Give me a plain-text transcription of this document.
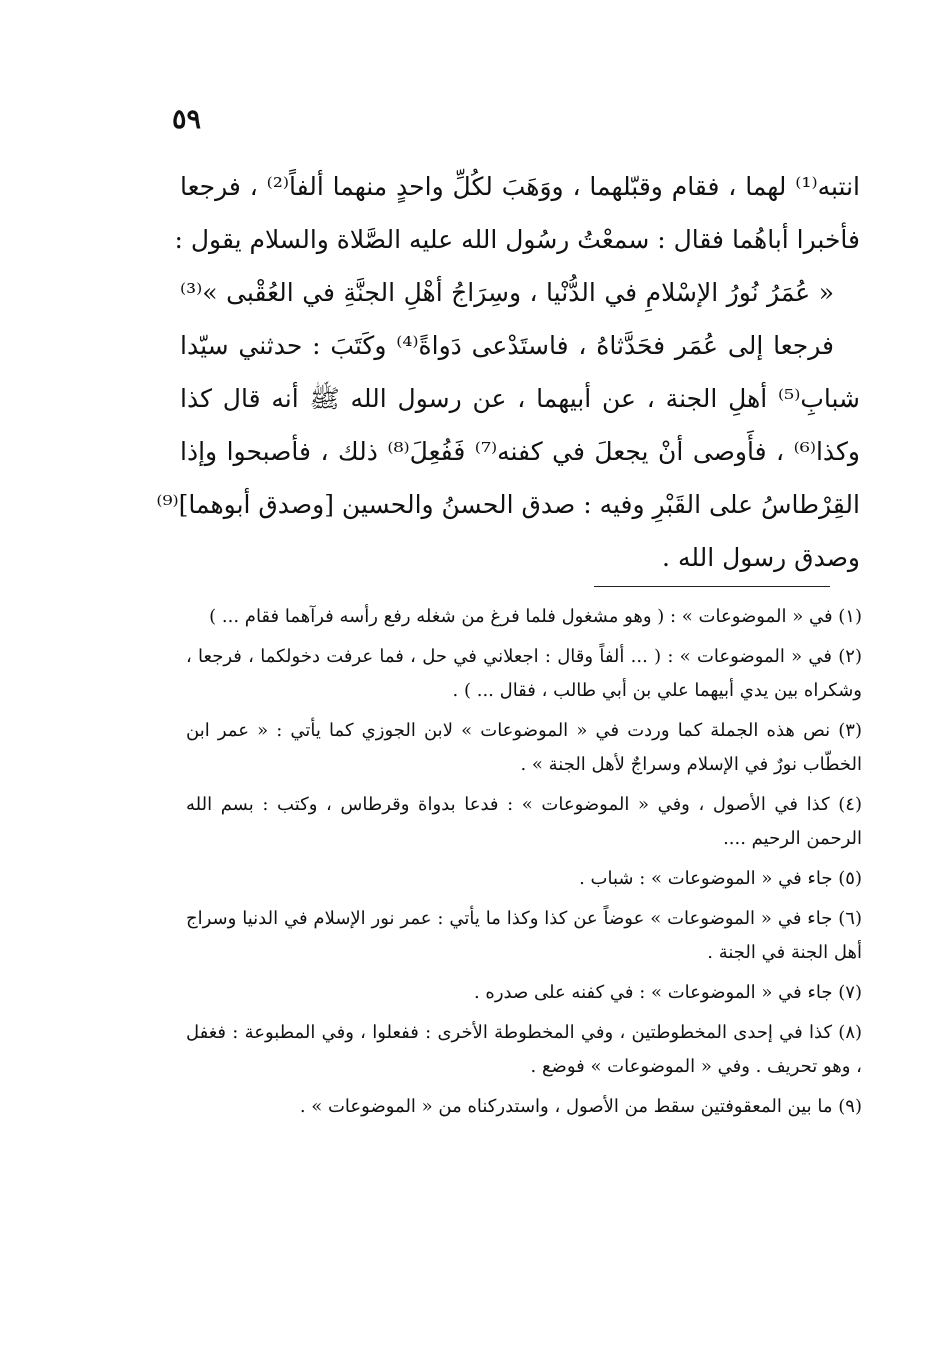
٥٩
انتبه⁽¹⁾ لهما ، فقام وقبّلهما ، ووَهَبَ لكُلِّ واحدٍ منهما ألفاً⁽²⁾ ، فرجعا
فأخبرا أباهُما فقال : سمعْتُ رسُول الله عليه الصَّلاة والسلام يقول :
« عُمَرُ نُورُ الإسْلامِ في الدُّنْيا ، وسِرَاجُ أهْلِ الجنَّةِ في العُقْبى »⁽³⁾
فرجعا إلى عُمَر فحَدَّثاهُ ، فاستَدْعى دَواةً⁽⁴⁾ وكَتَبَ : حدثني سيّدا
شبابِ⁽⁵⁾ أهلِ الجنة ، عن أبيهما ، عن رسول الله ﷺ أنه قال كذا
وكذا⁽⁶⁾ ، فأَوصى أنْ يجعلَ في كفنه⁽⁷⁾ فَفُعِلَ⁽⁸⁾ ذلك ، فأصبحوا وإذا
القِرْطاسُ على القَبْرِ وفيه : صدق الحسنُ والحسين [وصدق أبوهما]⁽⁹⁾
وصدق رسول الله .
(١) في « الموضوعات » : ( وهو مشغول فلما فرغ من شغله رفع رأسه فرآهما فقام ... )
(٢) في « الموضوعات » : ( ... ألفاً وقال : اجعلاني في حل ، فما عرفت دخولكما ، فرجعا ، وشكراه بين يدي أبيهما علي بن أبي طالب ، فقال ... ) .
(٣) نص هذه الجملة كما وردت في « الموضوعات » لابن الجوزي كما يأتي : « عمر ابن الخطّاب نورٌ في الإسلام وسراجٌ لأهل الجنة » .
(٤) كذا في الأصول ، وفي « الموضوعات » : فدعا بدواة وقرطاس ، وكتب : بسم الله الرحمن الرحيم ....
(٥) جاء في « الموضوعات » : شباب .
(٦) جاء في « الموضوعات » عوضاً عن كذا وكذا ما يأتي : عمر نور الإسلام في الدنيا وسراج أهل الجنة في الجنة .
(٧) جاء في « الموضوعات » : في كفنه على صدره .
(٨) كذا في إحدى المخطوطتين ، وفي المخطوطة الأخرى : ففعلوا ، وفي المطبوعة : فغفل ، وهو تحريف . وفي « الموضوعات » فوضع .
(٩) ما بين المعقوفتين سقط من الأصول ، واستدركناه من « الموضوعات » .
